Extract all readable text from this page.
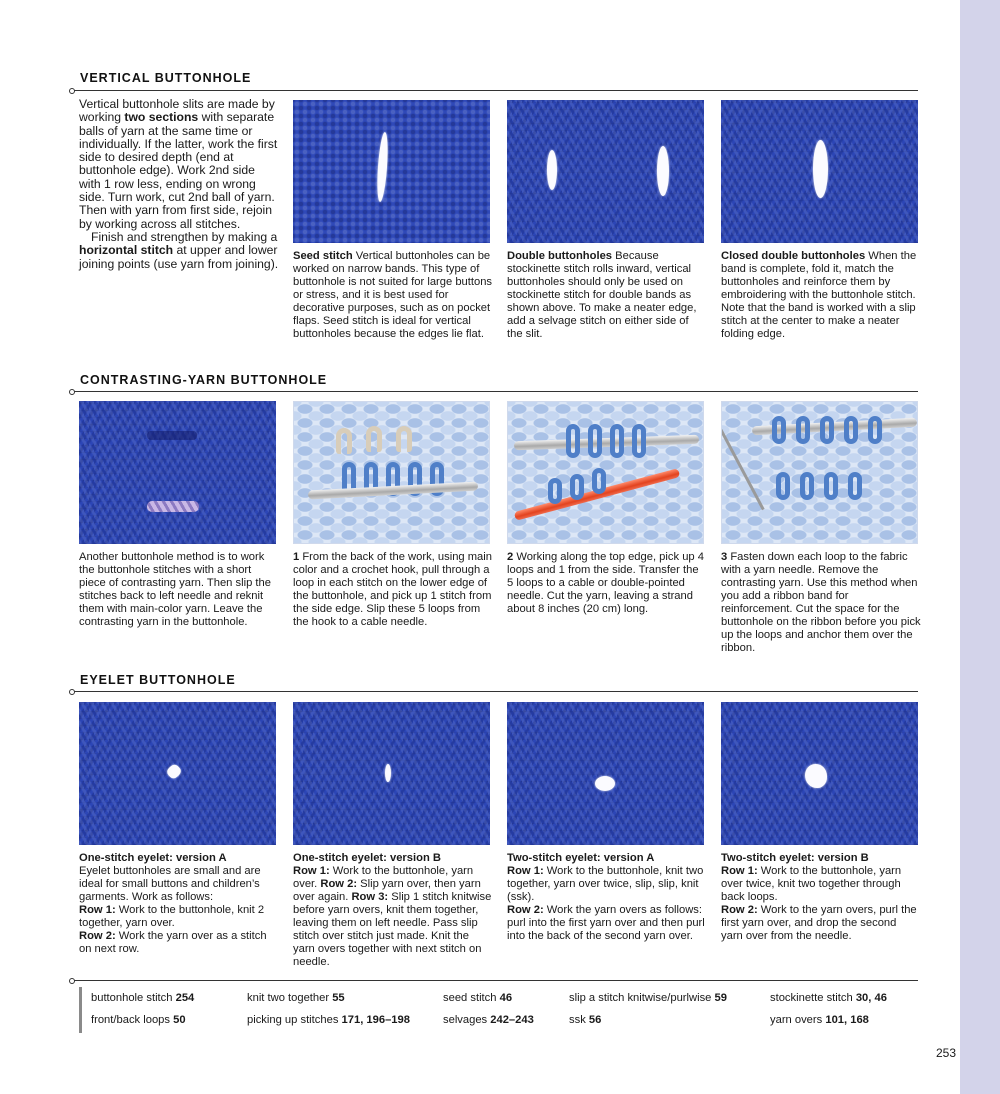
VERTICAL BUTTONHOLE
Vertical buttonhole slits are made by working two sections with separate balls of yarn at the same time or individually. If the latter, work the first side to desired depth (end at buttonhole edge). Work 2nd side with 1 row less, ending on wrong side. Turn work, cut 2nd ball of yarn. Then with yarn from first side, rejoin by working across all stitches.
Finish and strengthen by making a horizontal stitch at upper and lower joining points (use yarn from joining).
Seed stitch Vertical buttonholes can be worked on narrow bands. This type of buttonhole is not suited for large buttons or stress, and it is best used for decorative purposes, such as on pocket flaps. Seed stitch is ideal for vertical buttonholes because the edges lie flat.
Double buttonholes Because stockinette stitch rolls inward, vertical buttonholes should only be used on stockinette stitch for double bands as shown above. To make a neater edge, add a selvage stitch on either side of the slit.
Closed double buttonholes When the band is complete, fold it, match the buttonholes and reinforce them by embroidering with the buttonhole stitch. Note that the band is worked with a slip stitch at the center to make a neater folding edge.
CONTRASTING-YARN BUTTONHOLE
Another buttonhole method is to work the buttonhole stitches with a short piece of contrasting yarn. Then slip the stitches back to left needle and reknit them with main-color yarn. Leave the contrasting yarn in the buttonhole.
1 From the back of the work, using main color and a crochet hook, pull through a loop in each stitch on the lower edge of the buttonhole, and pick up 1 stitch from the side edge. Slip these 5 loops from the hook to a cable needle.
2 Working along the top edge, pick up 4 loops and 1 from the side. Transfer the 5 loops to a cable or double-pointed needle. Cut the yarn, leaving a strand about 8 inches (20 cm) long.
3 Fasten down each loop to the fabric with a yarn needle. Remove the contrasting yarn. Use this method when you add a ribbon band for reinforcement. Cut the space for the buttonhole on the ribbon before you pick up the loops and anchor them over the ribbon.
EYELET BUTTONHOLE
One-stitch eyelet: version A
Eyelet buttonholes are small and are ideal for small buttons and children’s garments. Work as follows:
Row 1: Work to the buttonhole, knit 2 together, yarn over.
Row 2: Work the yarn over as a stitch on next row.
One-stitch eyelet: version B
Row 1: Work to the buttonhole, yarn over. Row 2: Slip yarn over, then yarn over again. Row 3: Slip 1 stitch knitwise before yarn overs, knit them together, leaving them on left needle. Pass slip stitch over stitch just made. Knit the yarn overs together with next stitch on needle.
Two-stitch eyelet: version A
Row 1: Work to the buttonhole, knit two together, yarn over twice, slip, slip, knit (ssk).
Row 2: Work the yarn overs as follows: purl into the first yarn over and then purl into the back of the second yarn over.
Two-stitch eyelet: version B
Row 1: Work to the buttonhole, yarn over twice, knit two together through back loops.
Row 2: Work to the yarn overs, purl the first yarn over, and drop the second yarn over from the needle.
buttonhole stitch 254
front/back loops 50
knit two together 55
picking up stitches 171, 196–198
seed stitch 46
selvages 242–243
slip a stitch knitwise/purlwise 59
ssk 56
stockinette stitch 30, 46
yarn overs 101, 168
253
